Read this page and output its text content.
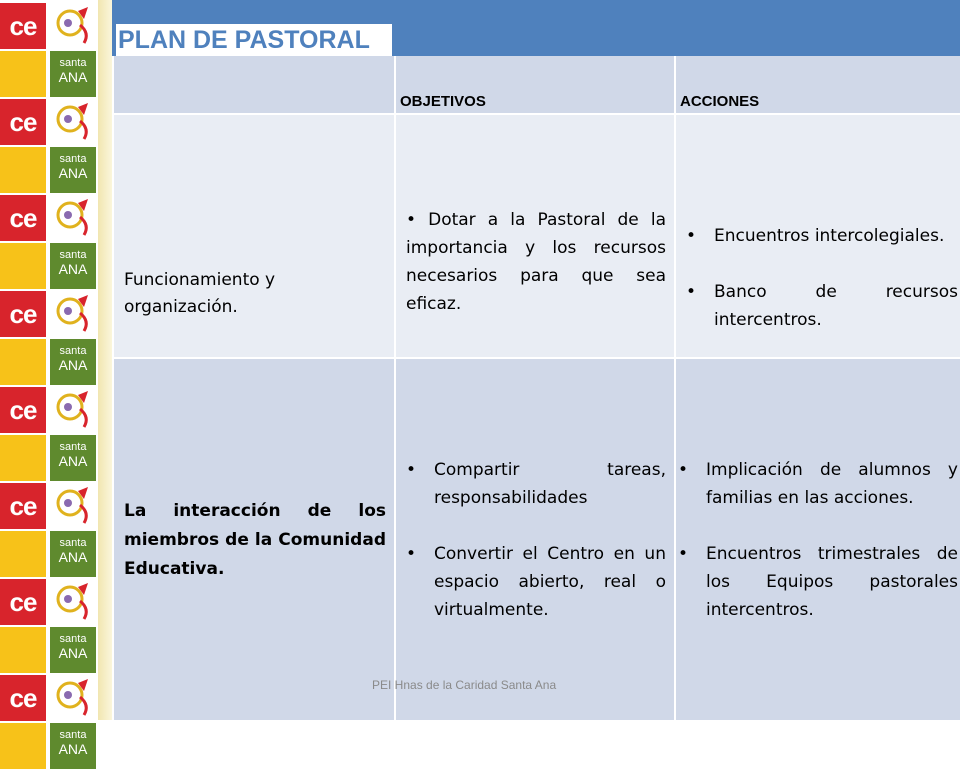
ce
santa
ANA
ce
santa
ANA
ce
santa
ANA
ce
santa
ANA
ce
santa
ANA
ce
santa
ANA
ce
santa
ANA
ce
santa
ANA
PLAN DE PASTORAL
OBJETIVOS	ACCIONES
Funcionamiento y organización.
• Dotar a la Pastoral de la importancia y los recursos necesarios para que sea eficaz.
• Encuentros intercolegiales.
• Banco de recursos intercentros.
La interacción de los miembros de la Comunidad Educativa.
• Compartir tareas, responsabilidades
• Convertir el Centro en un espacio abierto, real o virtualmente.
• Implicación de alumnos y familias en las acciones.
• Encuentros trimestrales de los Equipos pastorales intercentros.
PEI Hnas de la Caridad Santa Ana
